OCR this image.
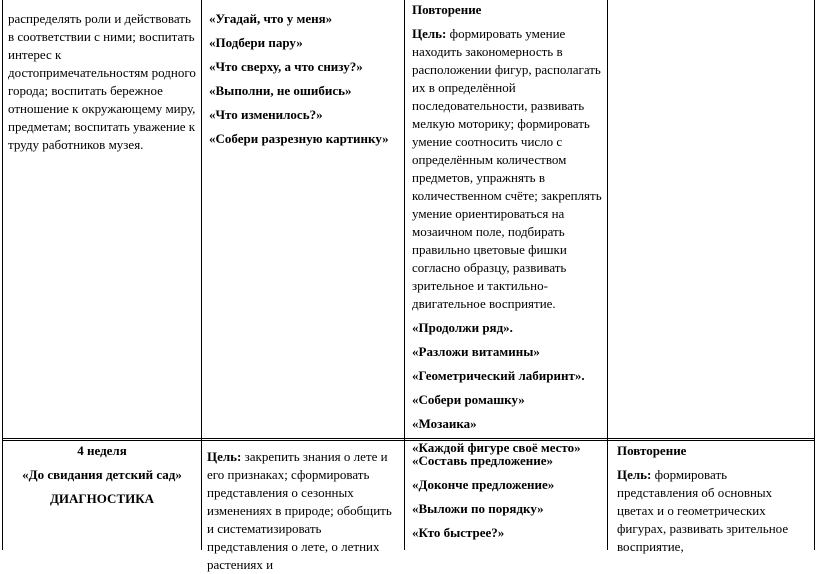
распределять роли и действовать в соответствии с ними; воспитать интерес к достопримечательностям родного города; воспитать бережное отношение к окружающему миру, предметам; воспитать уважение к труду работников музея.

«Угадай, что у меня»

«Подбери пару»

«Что сверху, а что снизу?»

«Выполни, не ошибись»

«Что изменилось?»

«Собери разрезную картинку»

Повторение

Цель: формировать умение находить закономерность в расположении фигур, располагать их в определённой последовательности, развивать мелкую моторику; формировать умение соотносить число с определённым количеством предметов, упражнять в количественном счёте; закреплять умение ориентироваться на мозаичном поле, подбирать правильно цветовые фишки согласно образцу, развивать зрительное и тактильно-двигательное восприятие.

«Продолжи ряд».

«Разложи витамины»

«Геометрический лабиринт».

«Собери ромашку»

«Мозаика»

«Каждой фигуре своё место»

4 неделя

«До свидания детский сад»

ДИАГНОСТИКА

Цель: закрепить знания о лете и его признаках; сформировать представления о сезонных изменениях в природе; обобщить и систематизировать представления о лете, о летних растениях и

«Составь предложение»

«Доконче предложение»

«Выложи по порядку»

«Кто быстрее?»

Повторение

Цель: формировать представления об основных цветах и о геометрических фигурах, развивать зрительное восприятие,
